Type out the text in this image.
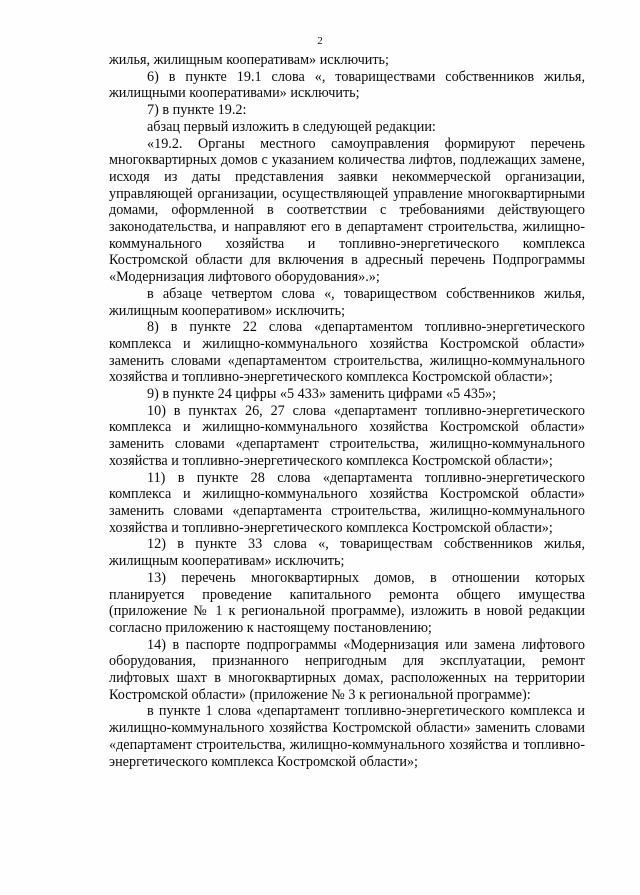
2

жилья, жилищным кооперативам» исключить;

6) в пункте 19.1 слова «, товариществами собственников жилья, жилищными кооперативами» исключить;

7) в пункте 19.2:

абзац первый изложить в следующей редакции:

«19.2. Органы местного самоуправления формируют перечень многоквартирных домов с указанием количества лифтов, подлежащих замене, исходя из даты представления заявки некоммерческой организации, управляющей организации, осуществляющей управление многоквартирными домами, оформленной в соответствии с требованиями действующего законодательства, и направляют его в департамент строительства, жилищно-коммунального хозяйства и топливно-энергетического комплекса Костромской области для включения в адресный перечень Подпрограммы «Модернизация лифтового оборудования».»;

в абзаце четвертом слова «, товариществом собственников жилья, жилищным кооперативом» исключить;

8) в пункте 22 слова «департаментом топливно-энергетического комплекса и жилищно-коммунального хозяйства Костромской области» заменить словами «департаментом строительства, жилищно-коммунального хозяйства и топливно-энергетического комплекса Костромской области»;

9) в пункте 24 цифры «5 433» заменить цифрами «5 435»;

10) в пунктах 26, 27 слова «департамент топливно-энергетического комплекса и жилищно-коммунального хозяйства Костромской области» заменить словами «департамент строительства, жилищно-коммунального хозяйства и топливно-энергетического комплекса Костромской области»;

11) в пункте 28 слова «департамента топливно-энергетического комплекса и жилищно-коммунального хозяйства Костромской области» заменить словами «департамента строительства, жилищно-коммунального хозяйства и топливно-энергетического комплекса Костромской области»;

12) в пункте 33 слова «, товариществам собственников жилья, жилищным кооперативам» исключить;

13) перечень многоквартирных домов, в отношении которых планируется проведение капитального ремонта общего имущества (приложение № 1 к региональной программе), изложить в новой редакции согласно приложению к настоящему постановлению;

14) в паспорте подпрограммы «Модернизация или замена лифтового оборудования, признанного непригодным для эксплуатации, ремонт лифтовых шахт в многоквартирных домах, расположенных на территории Костромской области» (приложение № 3 к региональной программе):

в пункте 1 слова «департамент топливно-энергетического комплекса и жилищно-коммунального хозяйства Костромской области» заменить словами «департамент строительства, жилищно-коммунального хозяйства и топливно-энергетического комплекса Костромской области»;
